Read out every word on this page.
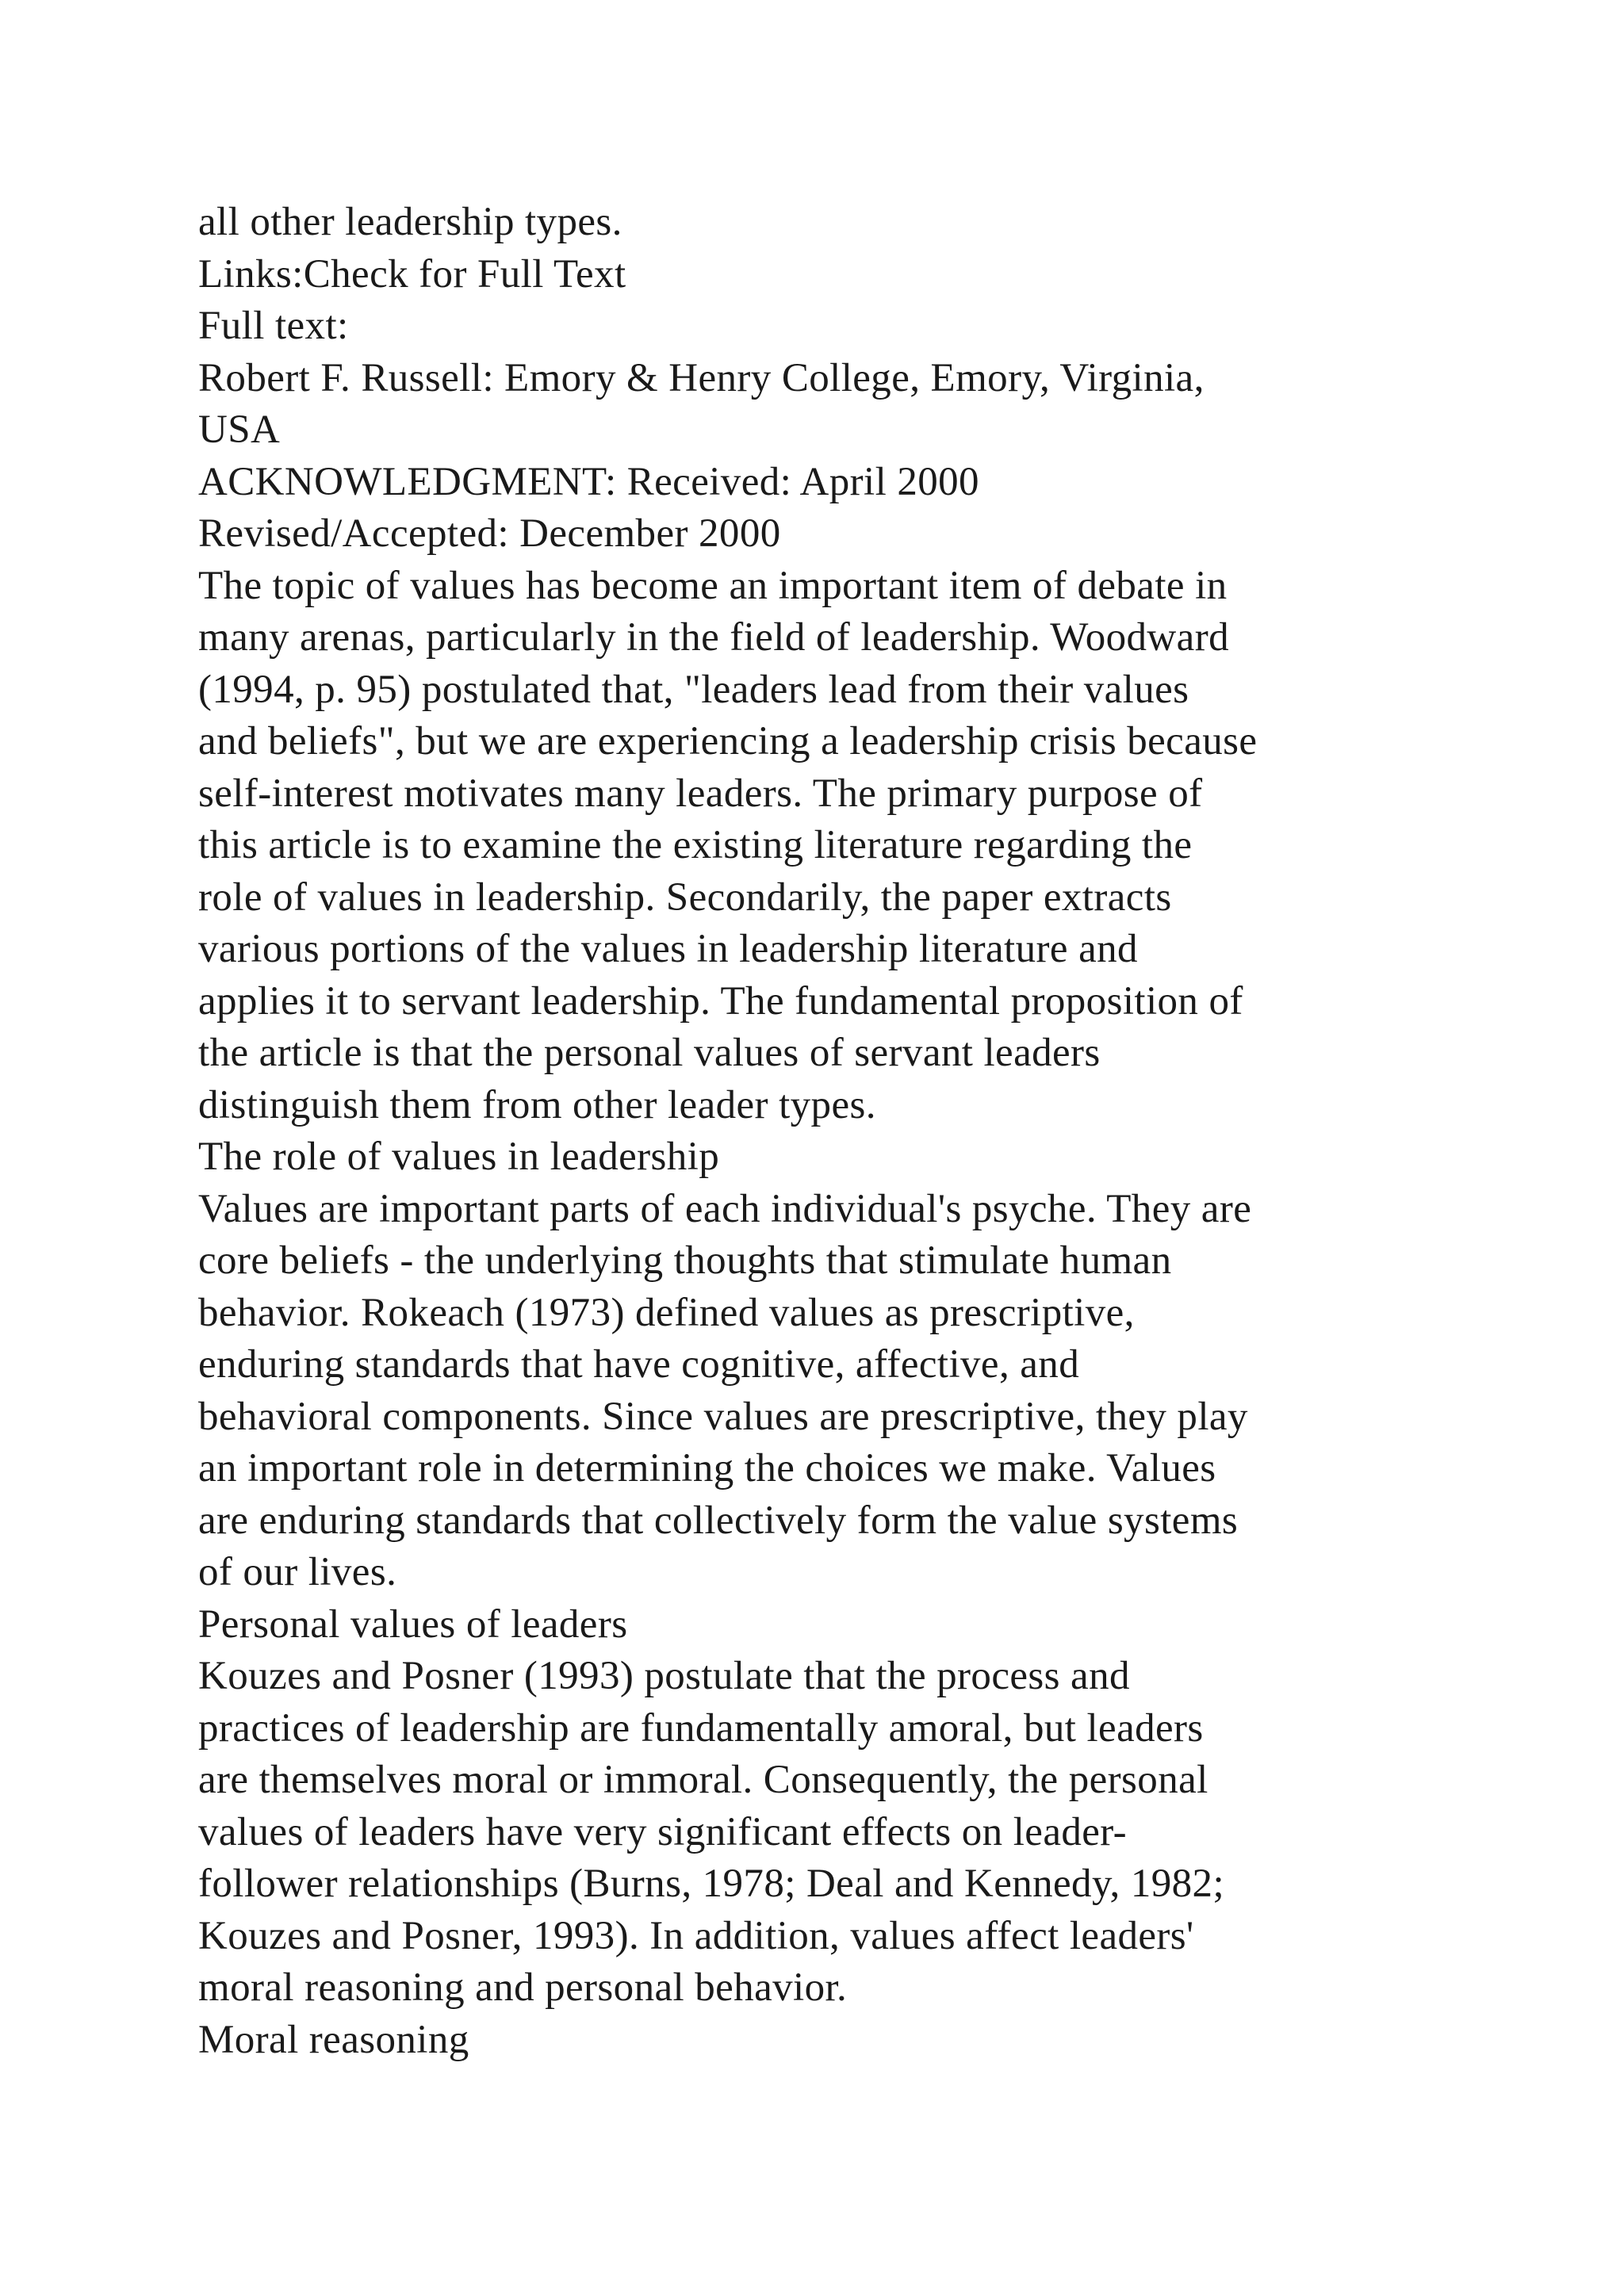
all other leadership types.
Links:Check for Full Text
Full text:
Robert F. Russell: Emory & Henry College, Emory, Virginia,
USA
ACKNOWLEDGMENT: Received: April 2000
Revised/Accepted: December 2000
The topic of values has become an important item of debate in
many arenas, particularly in the field of leadership. Woodward
(1994, p. 95) postulated that, "leaders lead from their values
and beliefs", but we are experiencing a leadership crisis because
self-interest motivates many leaders. The primary purpose of
this article is to examine the existing literature regarding the
role of values in leadership. Secondarily, the paper extracts
various portions of the values in leadership literature and
applies it to servant leadership. The fundamental proposition of
the article is that the personal values of servant leaders
distinguish them from other leader types.
The role of values in leadership
Values are important parts of each individual's psyche. They are
core beliefs - the underlying thoughts that stimulate human
behavior. Rokeach (1973) defined values as prescriptive,
enduring standards that have cognitive, affective, and
behavioral components. Since values are prescriptive, they play
an important role in determining the choices we make. Values
are enduring standards that collectively form the value systems
of our lives.
Personal values of leaders
Kouzes and Posner (1993) postulate that the process and
practices of leadership are fundamentally amoral, but leaders
are themselves moral or immoral. Consequently, the personal
values of leaders have very significant effects on leader-
follower relationships (Burns, 1978; Deal and Kennedy, 1982;
Kouzes and Posner, 1993). In addition, values affect leaders'
moral reasoning and personal behavior.
Moral reasoning
